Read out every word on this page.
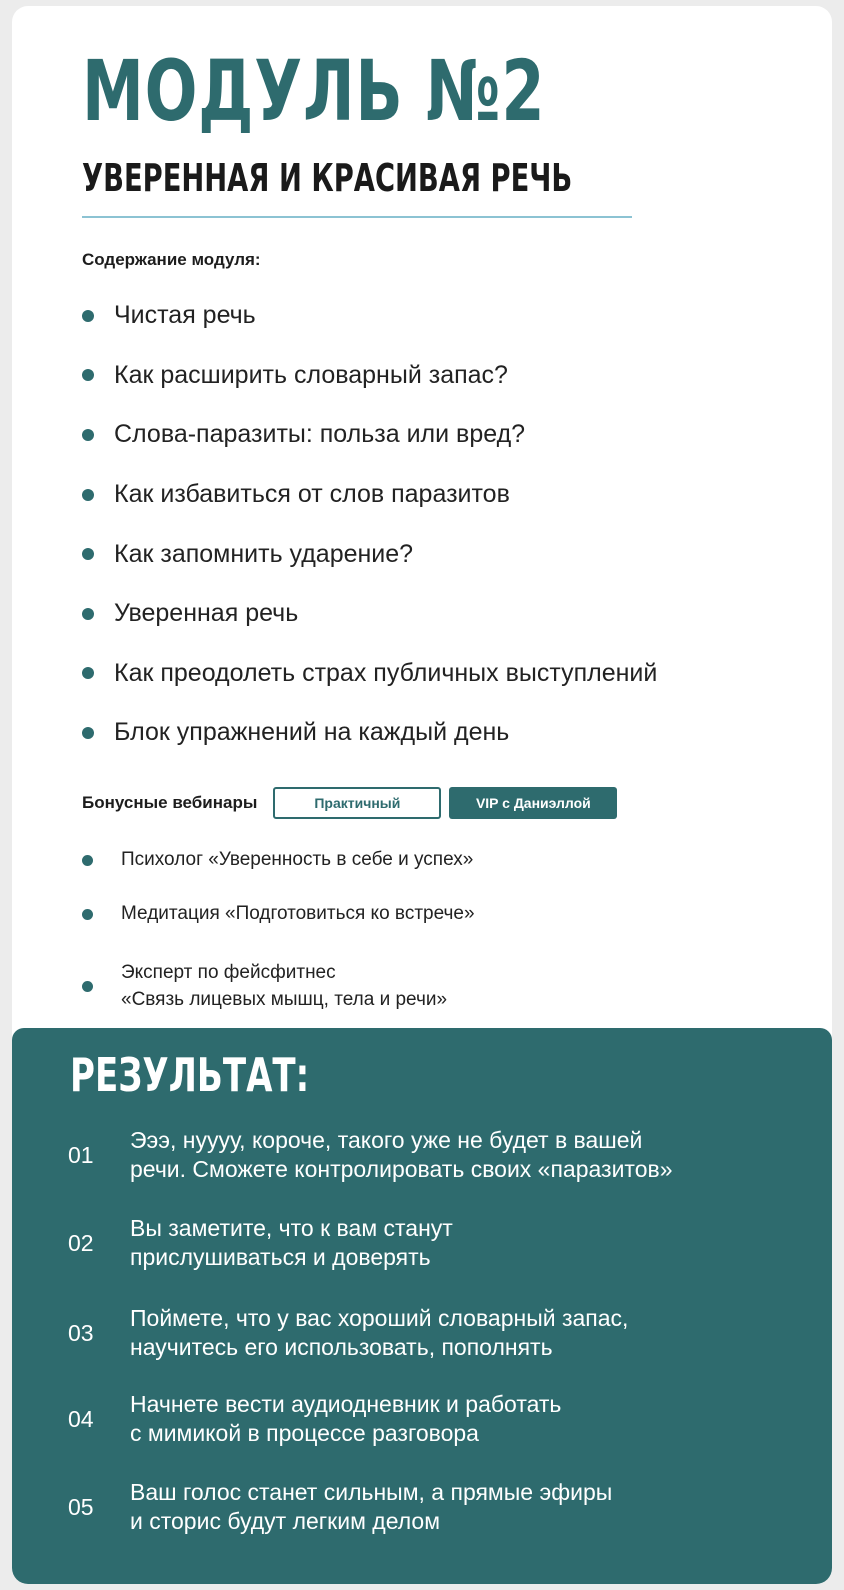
МОДУЛЬ №2
УВЕРЕННАЯ И КРАСИВАЯ РЕЧЬ
Содержание модуля:
Чистая речь
Как расширить словарный запас?
Слова-паразиты: польза или вред?
Как избавиться от слов паразитов
Как запомнить ударение?
Уверенная речь
Как преодолеть страх публичных выступлений
Блок упражнений на каждый день
Бонусные вебинары	Практичный	VIP с Даниэллой
Психолог «Уверенность в себе и успех»
Медитация «Подготовиться ко встрече»
Эксперт по фейсфитнес
«Связь лицевых мышц, тела и речи»
РЕЗУЛЬТАТ:
01
Эээ, нуууу, короче, такого уже не будет в вашей
речи. Сможете контролировать своих «паразитов»
02
Вы заметите, что к вам станут
прислушиваться и доверять
03
Поймете, что у вас хороший словарный запас,
научитесь его использовать, пополнять
04
Начнете вести аудиодневник и работать
с мимикой в процессе разговора
05
Ваш голос станет сильным, а прямые эфиры
и сторис будут легким делом
